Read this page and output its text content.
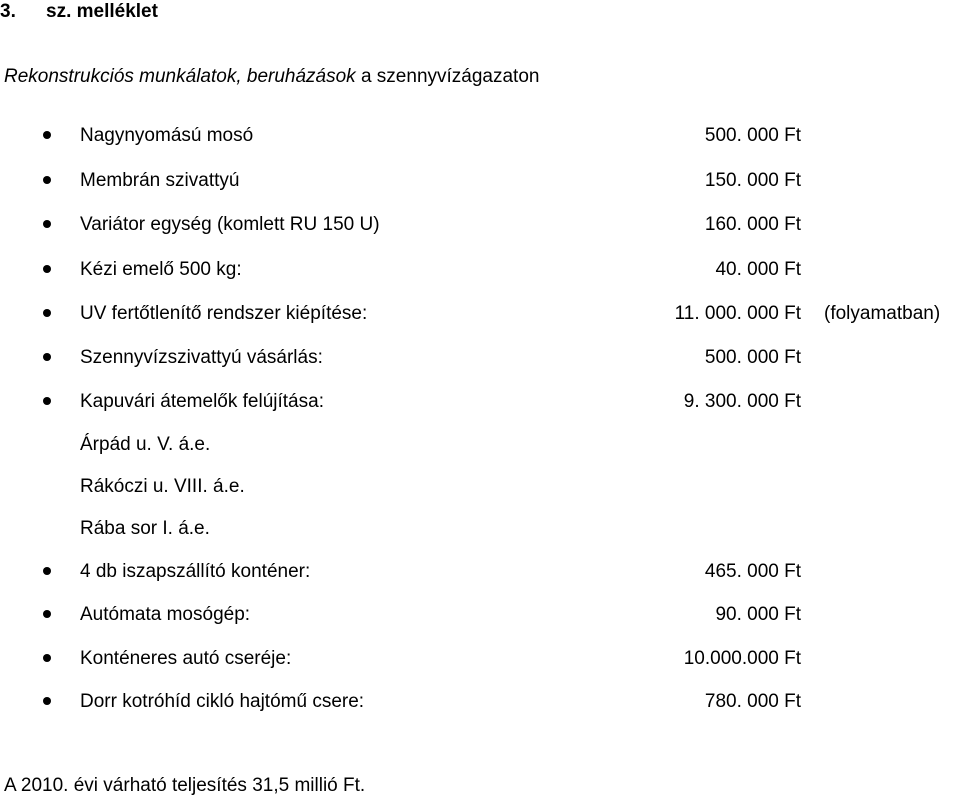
3. sz. melléklet
Rekonstrukciós munkálatok, beruházások a szennyvízágazaton
Nagynyomású mosó	500. 000 Ft
Membrán szivattyú	150. 000 Ft
Variátor egység (komlett RU 150 U)	160. 000 Ft
Kézi emelő 500 kg:	40. 000 Ft
UV fertőtlenítő rendszer kiépítése:	11. 000. 000 Ft (folyamatban)
Szennyvízszivattyú vásárlás:	500. 000 Ft
Kapuvári átemelők felújítása:	9. 300. 000 Ft
Árpád u. V. á.e.
Rákóczi u. VIII. á.e.
Rába sor I. á.e.
4 db iszapszállító konténer:	465. 000 Ft
Autómata mosógép:	90. 000 Ft
Konténeres autó cseréje:	10.000.000 Ft
Dorr kotróhíd cikló hajtómű csere:	780. 000 Ft
A 2010. évi várható teljesítés 31,5 millió Ft.
